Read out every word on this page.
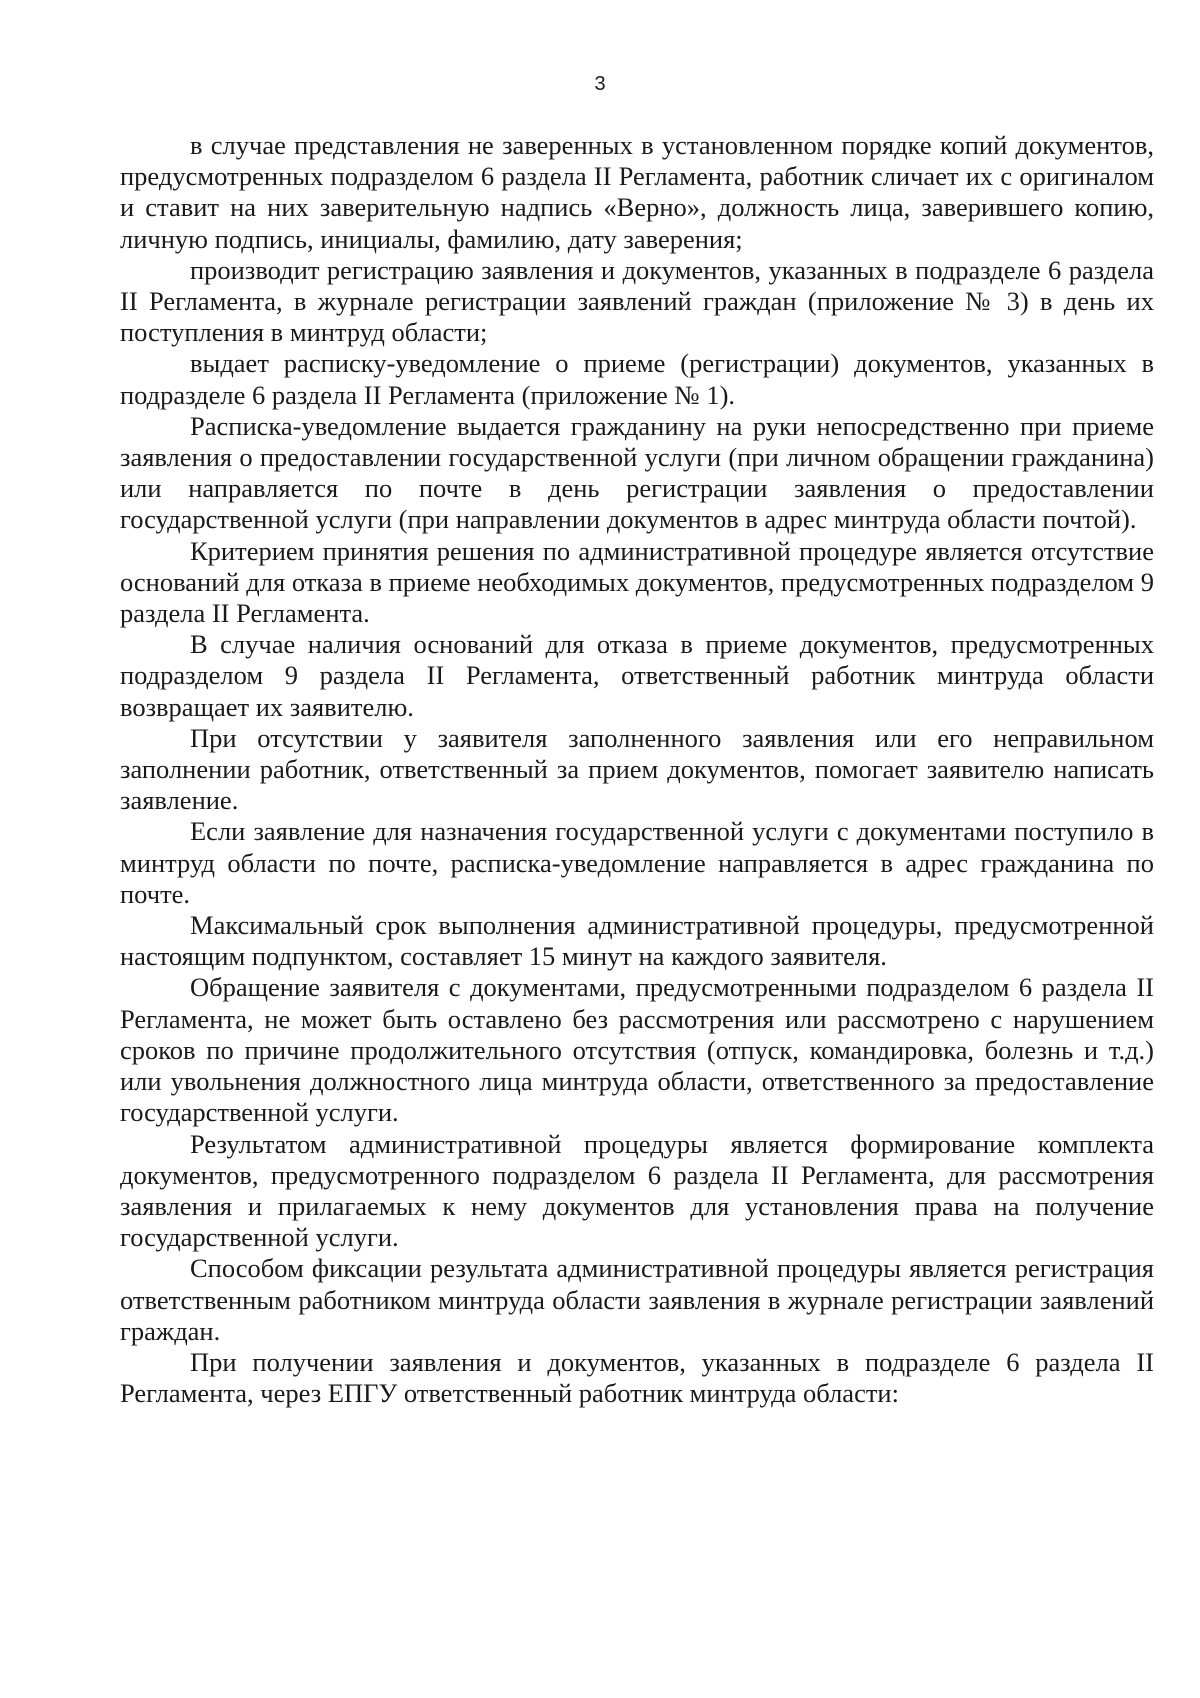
3

в случае представления не заверенных в установленном порядке копий документов, предусмотренных подразделом 6 раздела II Регламента, работник сличает их с оригиналом и ставит на них заверительную надпись «Верно», должность лица, заверившего копию, личную подпись, инициалы, фамилию, дату заверения;

производит регистрацию заявления и документов, указанных в подразделе 6 раздела II Регламента, в журнале регистрации заявлений граждан (приложение № 3) в день их поступления в минтруд области;

выдает расписку-уведомление о приеме (регистрации) документов, указанных в подразделе 6 раздела II Регламента (приложение № 1).

Расписка-уведомление выдается гражданину на руки непосредственно при приеме заявления о предоставлении государственной услуги (при личном обращении гражданина) или направляется по почте в день регистрации заявления о предоставлении государственной услуги (при направлении документов в адрес минтруда области почтой).

Критерием принятия решения по административной процедуре является отсутствие оснований для отказа в приеме необходимых документов, предусмотренных подразделом 9 раздела II Регламента.

В случае наличия оснований для отказа в приеме документов, предусмотренных подразделом 9 раздела II Регламента, ответственный работник минтруда области возвращает их заявителю.

При отсутствии у заявителя заполненного заявления или его неправильном заполнении работник, ответственный за прием документов, помогает заявителю написать заявление.

Если заявление для назначения государственной услуги с документами поступило в минтруд области по почте, расписка-уведомление направляется в адрес гражданина по почте.

Максимальный срок выполнения административной процедуры, предусмотренной настоящим подпунктом, составляет 15 минут на каждого заявителя.

Обращение заявителя с документами, предусмотренными подразделом 6 раздела II Регламента, не может быть оставлено без рассмотрения или рассмотрено с нарушением сроков по причине продолжительного отсутствия (отпуск, командировка, болезнь и т.д.) или увольнения должностного лица минтруда области, ответственного за предоставление государственной услуги.

Результатом административной процедуры является формирование комплекта документов, предусмотренного подразделом 6 раздела II Регламента, для рассмотрения заявления и прилагаемых к нему документов для установления права на получение государственной услуги.

Способом фиксации результата административной процедуры является регистрация ответственным работником минтруда области заявления в журнале регистрации заявлений граждан.

При получении заявления и документов, указанных в подразделе 6 раздела II Регламента, через ЕПГУ ответственный работник минтруда области:
